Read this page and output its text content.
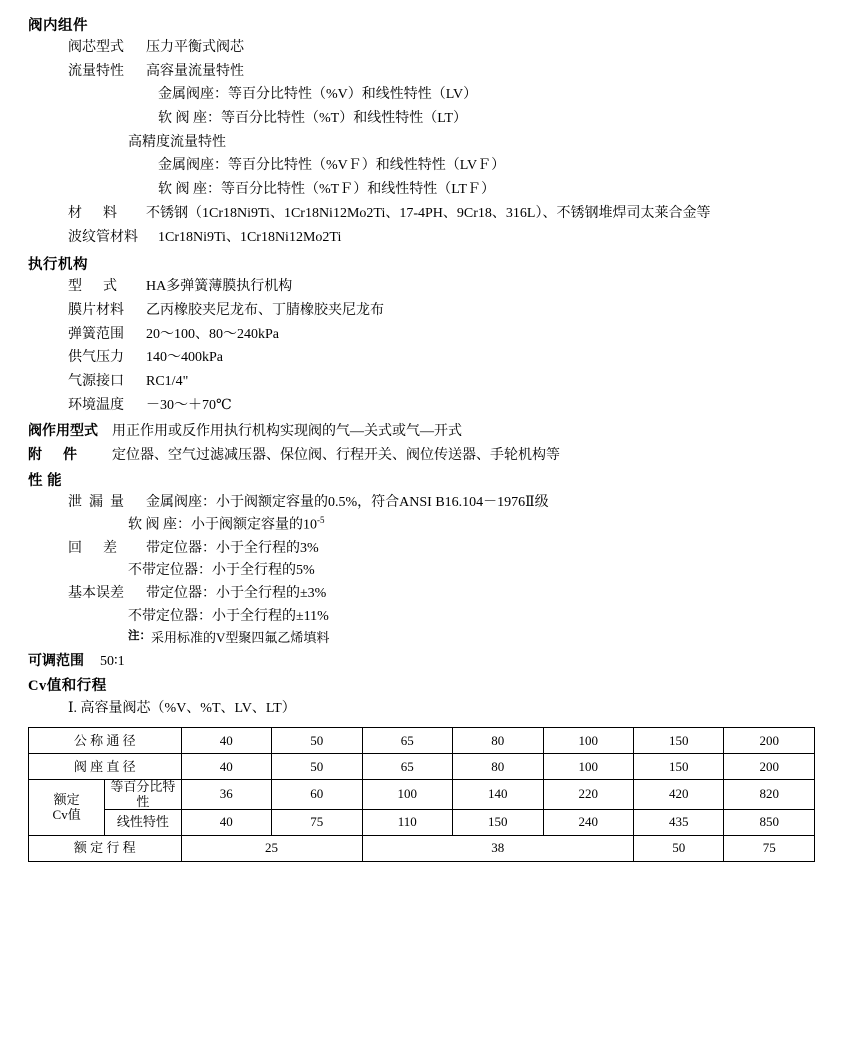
阀内组件
阀芯型式	压力平衡式阀芯
流量特性	高容量流量特性
金属阀座：等百分比特性（%V）和线性特性（LV）
软 阀 座：等百分比特性（%T）和线性特性（LT）
高精度流量特性
金属阀座：等百分比特性（%VＦ）和线性特性（LVＦ）
软 阀 座：等百分比特性（%TＦ）和线性特性（LTＦ）
材      料	不锈钢（1Cr18Ni9Ti、1Cr18Ni12Mo2Ti、17-4PH、9Cr18、316L）、不锈钢堆焊司太莱合金等
波纹管材料	1Cr18Ni9Ti、1Cr18Ni12Mo2Ti
执行机构
型      式	HA多弹簧薄膜执行机构
膜片材料	乙丙橡胶夹尼龙布、丁腈橡胶夹尼龙布
弹簧范围	20～100、80～240kPa
供气压力	140～400kPa
气源接口	RC1/4"
环境温度	－30～＋70℃
阀作用型式	用正作用或反作用执行机构实现阀的气—关式或气—开式
附      件	定位器、空气过滤减压器、保位阀、行程开关、阀位传送器、手轮机构等
性 能
泄  漏  量	金属阀座：小于阀额定容量的0.5%，符合ANSI B16.104－1976Ⅱ级
软 阀 座：小于阀额定容量的$10^{-5}$
回      差	带定位器：小于全行程的3%
不带定位器：小于全行程的5%
基本误差	带定位器：小于全行程的±3%
不带定位器：小于全行程的±11%
注： 采用标准的V型聚四氟乙烯填料
可调范围	50∶1
Cv值和行程
Ⅰ. 高容量阀芯（%V、%T、LV、LT）
公 称 通 径		40	50	65	80	100	150	200
阀 座 直 径		40	50	65	80	100	150	200

额定
Cv值	等百分比特性	36	60	100	140	220	420	820
	线性特性	40	75	110	150	240	435	850
额 定 行 程		25		38			50	75
